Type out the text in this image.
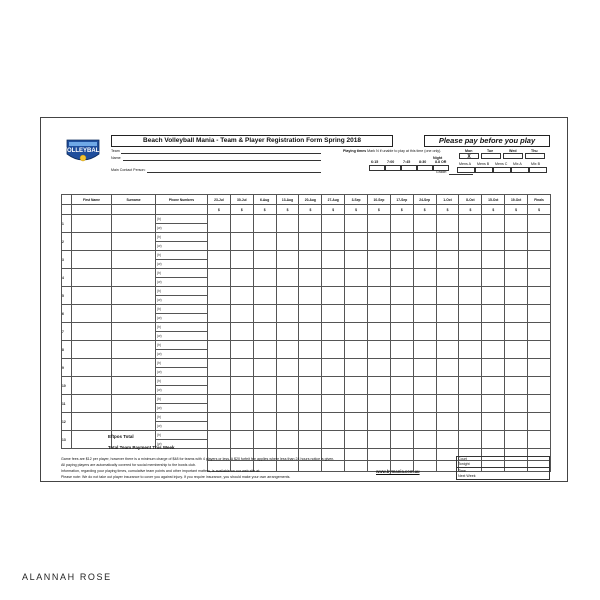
VOLLEYBALL
Beach Volleyball Mania - Team & Player Registration Form Spring 2018	Please pay before you play
Team
Name
Main Contact Person:
Playing times Mark N if unable to play at this time (one only).
6:15 7:00 7:45 8:30 8.8 OR
Grade:
Mon
X
Tue	Wed	Thu
Night
Mens A Mens B Mens C Mix A	Mix B
	First Name	Surname	Phone Numbers	23-Jul	30-Jul	6-Aug	13-Aug	20-Aug	27-Aug	3-Sep	10-Sep	17-Sep	24-Sep	1-Oct	8-Oct	15-Oct	19-Oct	Finals
				$	$	$	$	$	$	$	$	$	$	$	$	$	$	$
1			(h)															
			(w)															
2			(h)															
			(w)															
3			(h)															
			(w)															
4			(h)															
			(w)															
5			(h)															
			(w)															
6			(h)															
			(w)															
7			(h)															
			(w)															
8			(h)															
			(w)															
9			(h)															
			(w)															
10			(h)															
			(w)															
11			(h)															
			(w)															
12			(h)															
			(w)															
13			(h)															
			(w)															

Eftpos Total
Total Team Payment This Week
Game fees are $12 per player, however there is a minimum charge of $48 for teams with 4 players or less. A $20 forfeit fee applies where less than 24 hours notice is given.
All paying players are automatically covered for social membership to the bowls club.
Information, regarding your playing times, cumulative team points and other important matters, is available on our web site at:	www.bymania.com.au
Please note: We do not take out player insurance to cover you against injury. If you require insurance, you should make your own arrangements.
Court
Tonight
Time
Next Week
ALANNAH ROSE
